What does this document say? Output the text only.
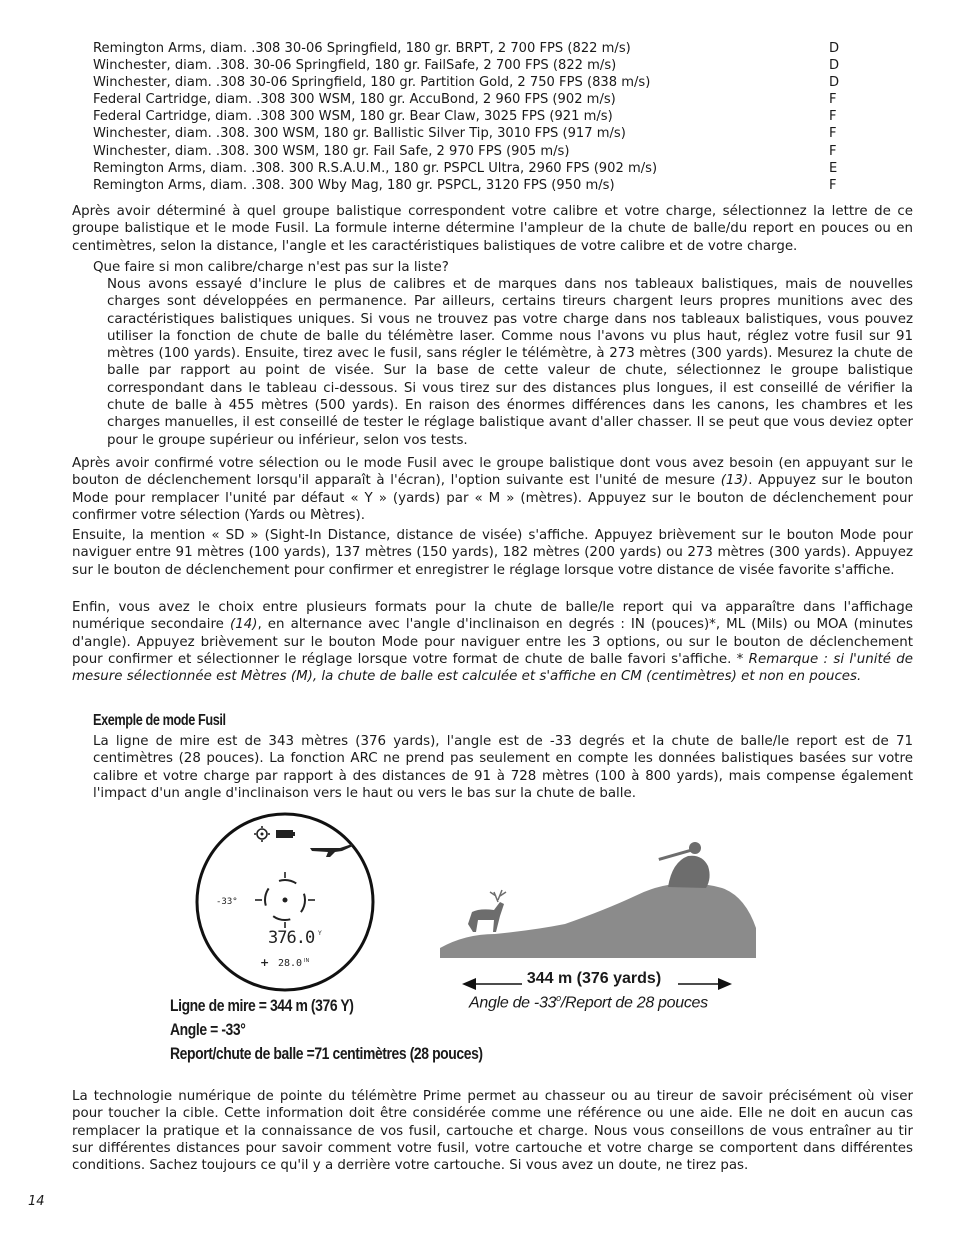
Remington Arms, diam. .308 30-06 Springfield, 180 gr. BRPT, 2 700 FPS (822 m/s)	D
Winchester, diam. .308. 30-06 Springfield, 180 gr. FailSafe, 2 700 FPS (822 m/s)	D
Winchester, diam. .308 30-06 Springfield, 180 gr. Partition Gold, 2 750 FPS (838 m/s)	D
Federal Cartridge, diam. .308 300 WSM, 180 gr. AccuBond, 2 960 FPS (902 m/s)	F
Federal Cartridge, diam. .308 300 WSM, 180 gr. Bear Claw, 3025 FPS (921 m/s)	F
Winchester, diam. .308. 300 WSM, 180 gr. Ballistic Silver Tip, 3010 FPS (917 m/s)	F
Winchester, diam. .308. 300 WSM, 180 gr. Fail Safe, 2 970 FPS (905 m/s)	F
Remington Arms, diam. .308. 300 R.S.A.U.M., 180 gr. PSPCL Ultra, 2960 FPS (902 m/s)	E
Remington Arms, diam. .308. 300 Wby Mag, 180 gr. PSPCL, 3120 FPS (950 m/s)	F
Après avoir déterminé à quel groupe balistique correspondent votre calibre et votre charge, sélectionnez la lettre de ce groupe balistique et le mode Fusil. La formule interne détermine l'ampleur de la chute de balle/du report en pouces ou en centimètres, selon la distance, l'angle et les caractéristiques balistiques de votre calibre et de votre charge.
Que faire si mon calibre/charge n'est pas sur la liste?
Nous avons essayé d'inclure le plus de calibres et de marques dans nos tableaux balistiques, mais de nouvelles charges sont développées en permanence. Par ailleurs, certains tireurs chargent leurs propres munitions avec des caractéristiques balistiques uniques. Si vous ne trouvez pas votre charge dans nos tableaux balistiques, vous pouvez utiliser la fonction de chute de balle du télémètre laser. Comme nous l'avons vu plus haut, réglez votre fusil sur 91 mètres (100 yards). Ensuite, tirez avec le fusil, sans régler le télémètre, à 273 mètres (300 yards). Mesurez la chute de balle par rapport au point de visée. Sur la base de cette valeur de chute, sélectionnez le groupe balistique correspondant dans le tableau ci-dessous. Si vous tirez sur des distances plus longues, il est conseillé de vérifier la chute de balle à 455 mètres (500 yards). En raison des énormes différences dans les canons, les chambres et les charges manuelles, il est conseillé de tester le réglage balistique avant d'aller chasser. Il se peut que vous deviez opter pour le groupe supérieur ou inférieur, selon vos tests.
Après avoir confirmé votre sélection ou le mode Fusil avec le groupe balistique dont vous avez besoin (en appuyant sur le bouton de déclenchement lorsqu'il apparaît à l'écran), l'option suivante est l'unité de mesure (13). Appuyez sur le bouton Mode pour remplacer l'unité par défaut « Y » (yards) par « M » (mètres). Appuyez sur le bouton de déclenchement pour confirmer votre sélection (Yards ou Mètres).
Ensuite, la mention « SD » (Sight-In Distance, distance de visée) s'affiche. Appuyez brièvement sur le bouton Mode pour naviguer entre 91 mètres (100 yards), 137 mètres (150 yards), 182 mètres (200 yards) ou 273 mètres (300 yards). Appuyez sur le bouton de déclenchement pour confirmer et enregistrer le réglage lorsque votre distance de visée favorite s'affiche.
Enfin, vous avez le choix entre plusieurs formats pour la chute de balle/le report qui va apparaître dans l'affichage numérique secondaire (14), en alternance avec l'angle d'inclinaison en degrés : IN (pouces)*, ML (Mils) ou MOA (minutes d'angle). Appuyez brièvement sur le bouton Mode pour naviguer entre les 3 options, ou sur le bouton de déclenchement pour confirmer et sélectionner le réglage lorsque votre format de chute de balle favori s'affiche. * Remarque : si l'unité de mesure sélectionnée est Mètres (M), la chute de balle est calculée et s'affiche en CM (centimètres) et non en pouces.
Exemple de mode Fusil
La ligne de mire est de 343 mètres (376 yards), l'angle est de -33 degrés et la chute de balle/le report est de 71 centimètres (28 pouces). La fonction ARC ne prend pas seulement en compte les données balistiques basées sur votre calibre et votre charge par rapport à des distances de 91 à 728 mètres (100 à 800 yards), mais compense également l'impact d'un angle d'inclinaison vers le haut ou vers le bas sur la chute de balle.
-33°
376.0 Y
+ 28.0 IN
344 m (376 yards)
Angle de -33$^o$/Report de 28 pouces
Ligne de mire = 344 m (376 Y)
Angle = -33°
Report/chute de balle =71 centimètres (28 pouces)
La technologie numérique de pointe du télémètre Prime permet au chasseur ou au tireur de savoir précisément où viser pour toucher la cible. Cette information doit être considérée comme une référence ou une aide. Elle ne doit en aucun cas remplacer la pratique et la connaissance de vos fusil, cartouche et charge. Nous vous conseillons de vous entraîner au tir sur différentes distances pour savoir comment votre fusil, votre cartouche et votre charge se comportent dans différentes conditions. Sachez toujours ce qu'il y a derrière votre cartouche. Si vous avez un doute, ne tirez pas.
14
